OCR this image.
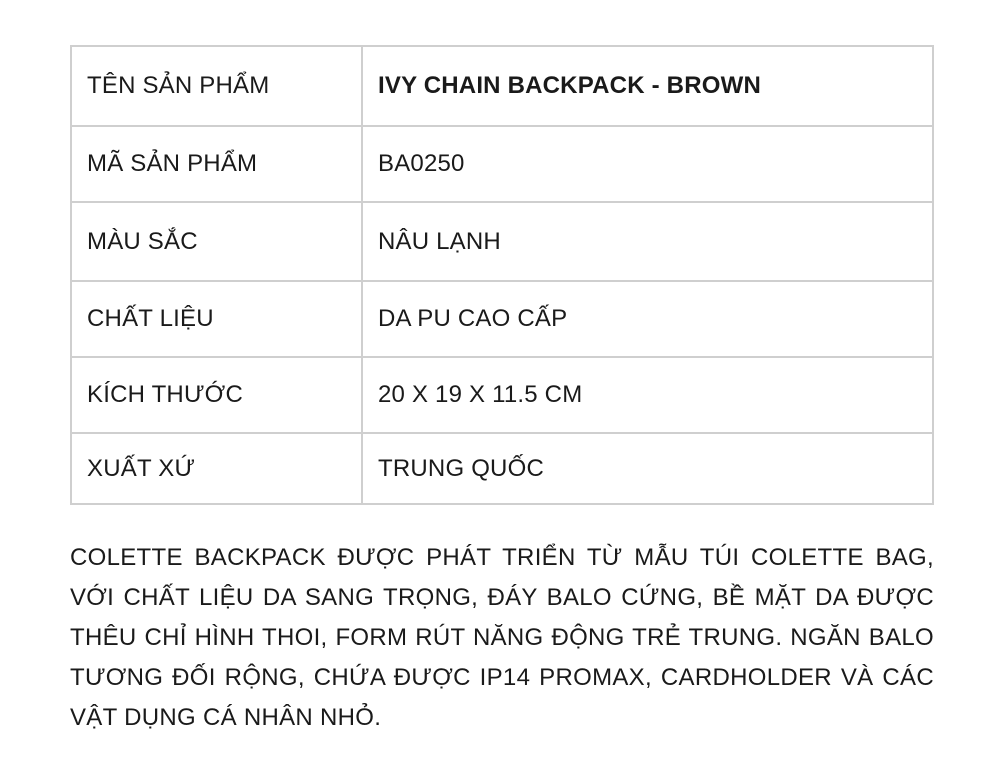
TÊN SẢN PHẨM	IVY CHAIN BACKPACK - BROWN
MÃ SẢN PHẨM	BA0250
MÀU SẮC	NÂU LẠNH
CHẤT LIỆU	DA PU CAO CẤP
KÍCH THƯỚC	20 X 19 X 11.5 CM
XUẤT XỨ	TRUNG QUỐC

COLETTE BACKPACK ĐƯỢC PHÁT TRIỂN TỪ MẪU TÚI COLETTE BAG, VỚI CHẤT LIỆU DA SANG TRỌNG, ĐÁY BALO CỨNG, BỀ MẶT DA ĐƯỢC THÊU CHỈ HÌNH THOI, FORM RÚT NĂNG ĐỘNG TRẺ TRUNG. NGĂN BALO TƯƠNG ĐỐI RỘNG, CHỨA ĐƯỢC IP14 PROMAX, CARDHOLDER VÀ CÁC VẬT DỤNG CÁ NHÂN NHỎ.
